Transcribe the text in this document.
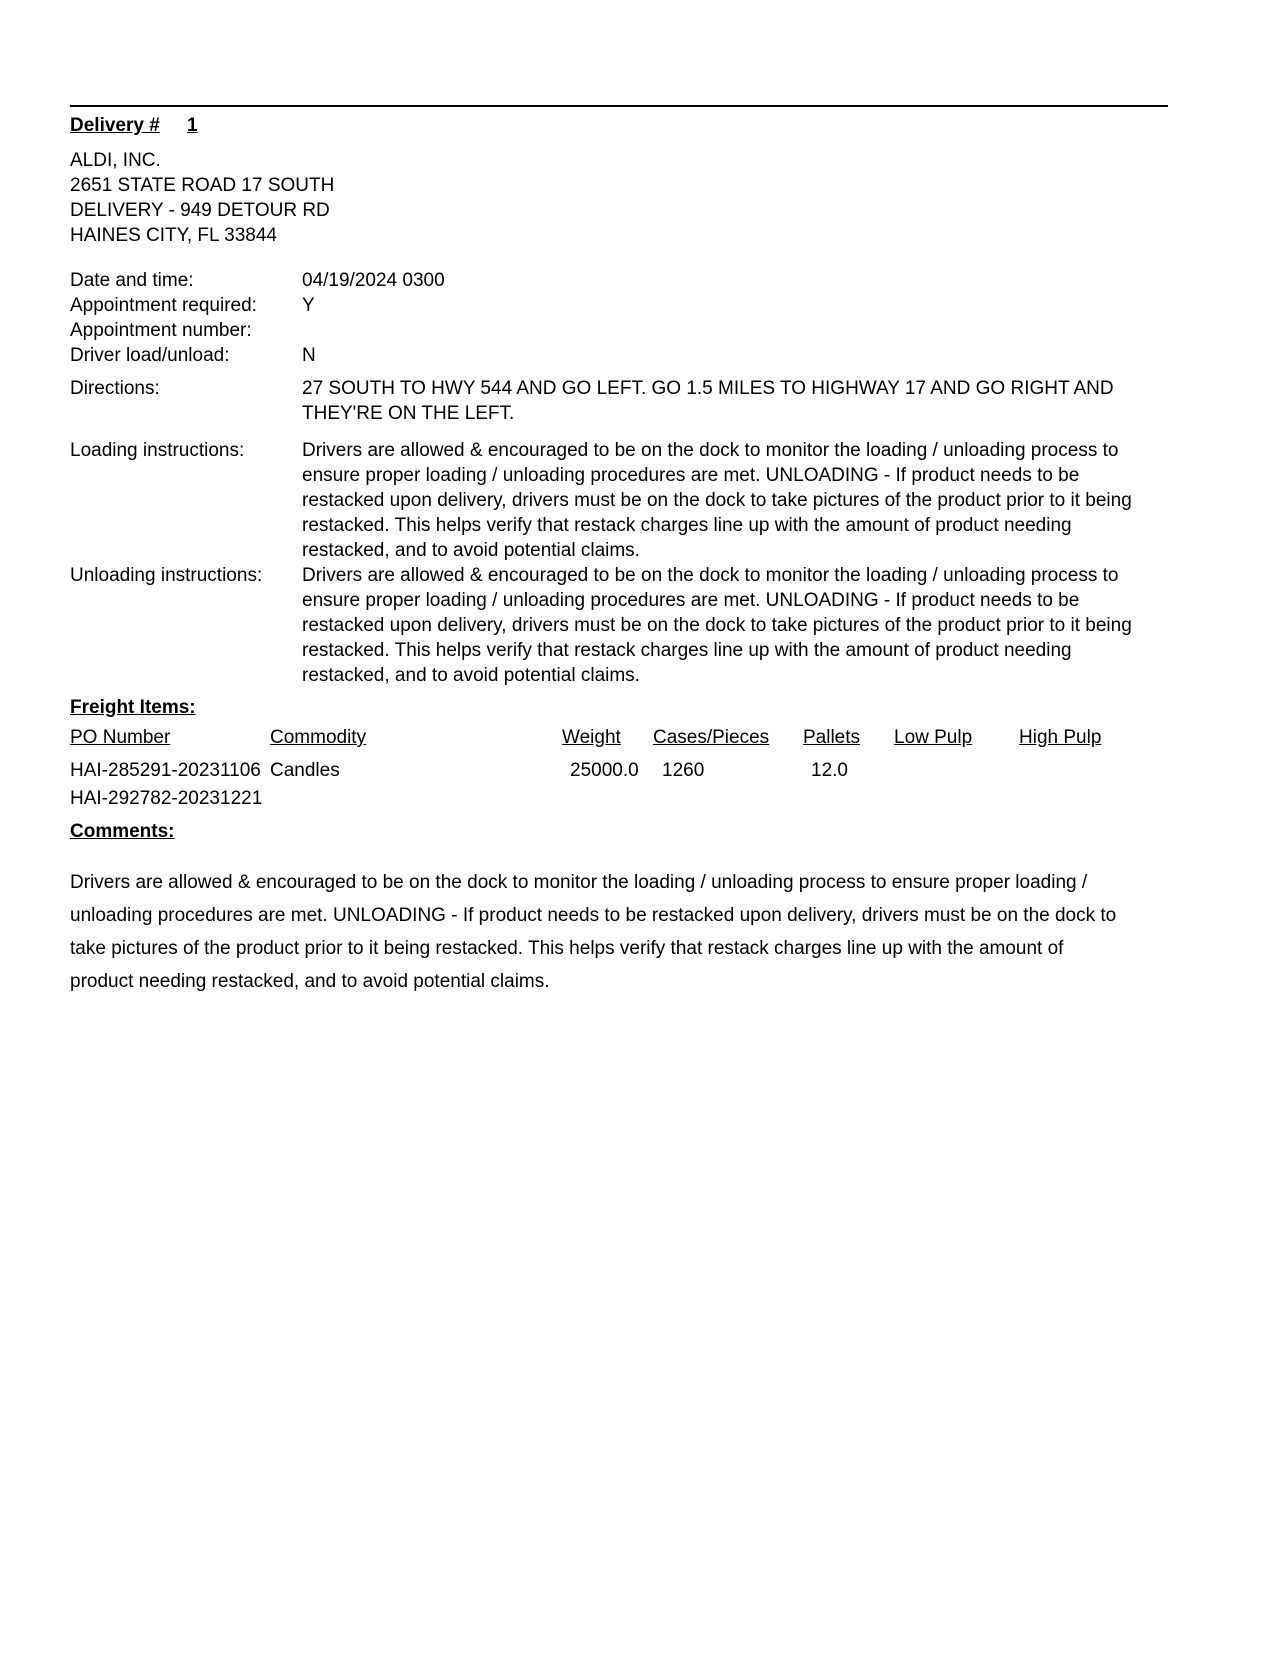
Delivery # 1
ALDI, INC.
2651 STATE ROAD 17 SOUTH
DELIVERY - 949 DETOUR RD
HAINES CITY, FL 33844
Date and time:	04/19/2024 0300
Appointment required: Y
Appointment number:
Driver load/unload:	N
Directions:	27 SOUTH TO HWY 544 AND GO LEFT. GO 1.5 MILES TO HIGHWAY 17 AND GO RIGHT AND THEY'RE ON THE LEFT.
Loading instructions:	Drivers are allowed & encouraged to be on the dock to monitor the loading / unloading process to ensure proper loading / unloading procedures are met. UNLOADING - If product needs to be restacked upon delivery, drivers must be on the dock to take pictures of the product prior to it being restacked. This helps verify that restack charges line up with the amount of product needing restacked, and to avoid potential claims.
Unloading instructions: Drivers are allowed & encouraged to be on the dock to monitor the loading / unloading process to ensure proper loading / unloading procedures are met. UNLOADING - If product needs to be restacked upon delivery, drivers must be on the dock to take pictures of the product prior to it being restacked. This helps verify that restack charges line up with the amount of product needing restacked, and to avoid potential claims.
Freight Items:
PO Number	Commodity	Weight Cases/Pieces Pallets Low Pulp High Pulp
HAI-285291-20231106 Candles	25000.0 1260	12.0
HAI-292782-20231221
Comments:
Drivers are allowed & encouraged to be on the dock to monitor the loading / unloading process to ensure proper loading / unloading procedures are met. UNLOADING - If product needs to be restacked upon delivery, drivers must be on the dock to take pictures of the product prior to it being restacked. This helps verify that restack charges line up with the amount of product needing restacked, and to avoid potential claims.
